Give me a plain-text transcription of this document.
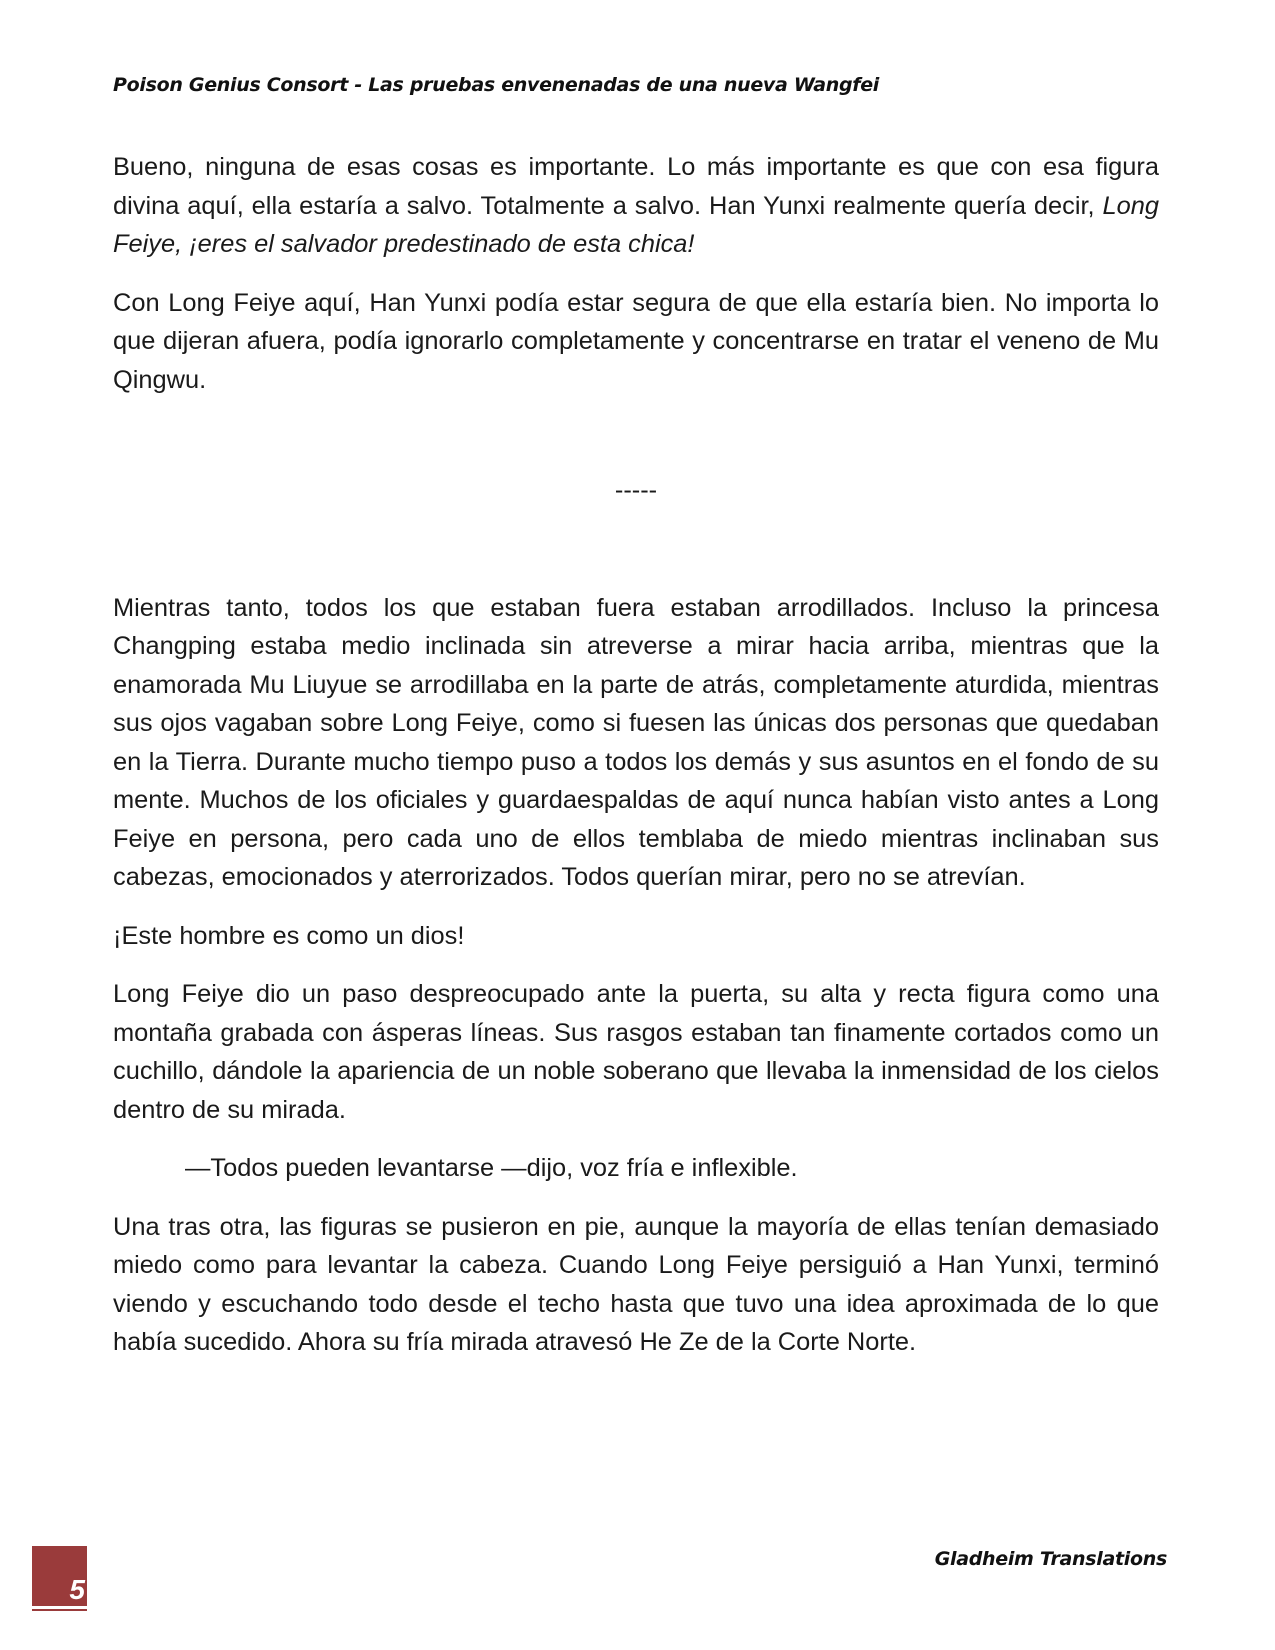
Poison Genius Consort - Las pruebas envenenadas de una nueva Wangfei

Bueno, ninguna de esas cosas es importante. Lo más importante es que con esa figura divina aquí, ella estaría a salvo. Totalmente a salvo. Han Yunxi realmente quería decir, Long Feiye, ¡eres el salvador predestinado de esta chica!

Con Long Feiye aquí, Han Yunxi podía estar segura de que ella estaría bien. No importa lo que dijeran afuera, podía ignorarlo completamente y concentrarse en tratar el veneno de Mu Qingwu.

-----

Mientras tanto, todos los que estaban fuera estaban arrodillados. Incluso la princesa Changping estaba medio inclinada sin atreverse a mirar hacia arriba, mientras que la enamorada Mu Liuyue se arrodillaba en la parte de atrás, completamente aturdida, mientras sus ojos vagaban sobre Long Feiye, como si fuesen las únicas dos personas que quedaban en la Tierra. Durante mucho tiempo puso a todos los demás y sus asuntos en el fondo de su mente. Muchos de los oficiales y guardaespaldas de aquí nunca habían visto antes a Long Feiye en persona, pero cada uno de ellos temblaba de miedo mientras inclinaban sus cabezas, emocionados y aterrorizados. Todos querían mirar, pero no se atrevían.

¡Este hombre es como un dios!

Long Feiye dio un paso despreocupado ante la puerta, su alta y recta figura como una montaña grabada con ásperas líneas. Sus rasgos estaban tan finamente cortados como un cuchillo, dándole la apariencia de un noble soberano que llevaba la inmensidad de los cielos dentro de su mirada.

—Todos pueden levantarse —dijo, voz fría e inflexible.

Una tras otra, las figuras se pusieron en pie, aunque la mayoría de ellas tenían demasiado miedo como para levantar la cabeza. Cuando Long Feiye persiguió a Han Yunxi, terminó viendo y escuchando todo desde el techo hasta que tuvo una idea aproximada de lo que había sucedido. Ahora su fría mirada atravesó He Ze de la Corte Norte.

5
Gladheim Translations
